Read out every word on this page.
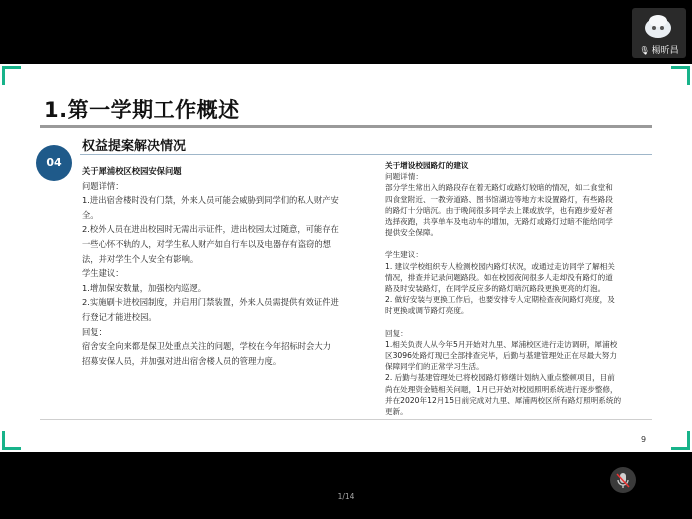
🎙 楊昕昌
1.第一学期工作概述
04
权益提案解决情况

关于犀浦校区校园安保问题

问题详情：

1.进出宿舍楼时没有门禁，外来人员可能会威胁到同学们的私人财产安

全。

2.校外人员在进出校园时无需出示证件，进出校园太过随意，可能存在

一些心怀不轨的人，对学生私人财产如自行车以及电器存有盗窃的想

法，并对学生个人安全有影响。

学生建议：

1.增加保安数量，加强校内巡逻。

2.实施刷卡进校园制度，并启用门禁装置，外来人员需提供有效证件进

行登记才能进校园。

回复：

宿舍安全向来都是保卫处重点关注的问题，学校在今年招标时会大力

招募安保人员，并加强对进出宿舍楼人员的管理力度。

关于增设校园路灯的建议

问题详情：

部分学生常出入的路段存在着无路灯或路灯较暗的情况，如二食堂和

四食堂附近、一教旁道路、图书馆湖边等地方未设置路灯，有些路段

的路灯十分暗沉。由于晚间很多同学去上课或放学，也有跑步爱好者

选择夜跑，共享单车及电动车的增加，无路灯或路灯过暗不能给同学

提供安全保障。

学生建议：

1. 建议学校组织专人检测校园内路灯状况，或通过走访同学了解相关

情况，排查并记录问题路段。如在校园夜间很多人走却没有路灯的道

路及时安装路灯，在同学反应多的路灯暗沉路段更换更亮的灯泡。

2. 做好安装与更换工作后，也要安排专人定期检查夜间路灯亮度，及

时更换或调节路灯亮度。

回复：

1.相关负责人从今年5月开始对九里、犀浦校区进行走访调研，犀浦校

区3096处路灯现已全部排查完毕，后勤与基建管理处正在尽最大努力

保障同学们的正常学习生活。

2. 后勤与基建管理处已将校园路灯修缮计划纳入重点整顿项目，目前

尚在处理资金链相关问题，1月已开始对校园照明系统进行逐步整修，

并在2020年12月15日前完成对九里、犀浦两校区所有路灯照明系统的

更新。

9
1/14
